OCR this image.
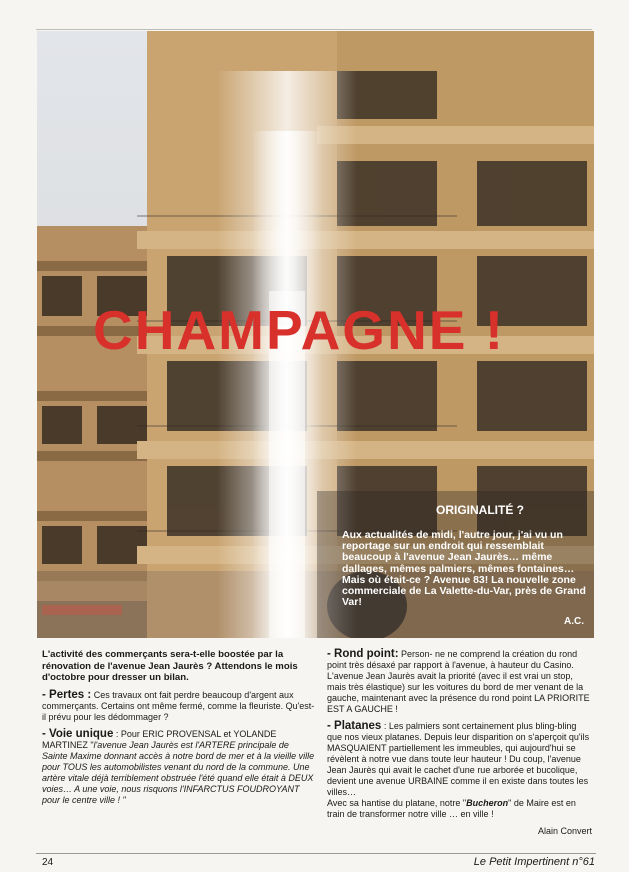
CHAMPAGNE !
ORIGINALITÉ ?
Aux actualités de midi, l'autre jour, j'ai vu un reportage sur un endroit qui ressemblait beaucoup à l'avenue Jean Jaurès… même dallages, mêmes palmiers, mêmes fontaines… Mais où était-ce ? Avenue 83! La nouvelle zone commerciale de La Valette-du-Var, près de Grand Var!
A.C.

L'activité des commerçants sera-t-elle boostée par la rénovation de l'avenue Jean Jaurès ? Attendons le mois d'octobre pour dresser un bilan.

- Pertes : Ces travaux ont fait perdre beaucoup d'argent aux commerçants. Certains ont même fermé, comme la fleuriste. Qu'est-il prévu pour les dédommager ?

- Voie unique : Pour ERIC PROVENSAL et YOLANDE MARTINEZ "l'avenue Jean Jaurès est l'ARTERE principale de Sainte Maxime donnant accès à notre bord de mer et à la vieille ville pour TOUS les automobilistes venant du nord de la commune. Une artère vitale déjà terriblement obstruée l'été quand elle était à DEUX voies… A une voie, nous risquons l'INFARCTUS FOUDROYANT pour le centre ville ! "

- Rond point: Person- ne ne comprend la création du rond point très désaxé par rapport à l'avenue, à hauteur du Casino. L'avenue Jean Jaurès avait la priorité (avec il est vrai un stop, mais très élastique) sur les voitures du bord de mer venant de la gauche, maintenant avec la présence du rond point LA PRIORITE EST A GAUCHE !

- Platanes : Les palmiers sont certainement plus bling-bling que nos vieux platanes. Depuis leur disparition on s'aperçoit qu'ils MASQUAIENT partiellement les immeubles, qui aujourd'hui se révèlent à notre vue dans toute leur hauteur ! Du coup, l'avenue Jean Jaurès qui avait le cachet d'une rue arborée et bucolique, devient une avenue URBAINE comme il en existe dans toutes les villes…

Avec sa hantise du platane, notre "Bucheron" de Maire est en train de transformer notre ville … en ville !

Alain Convert
24	Le Petit Impertinent n°61
